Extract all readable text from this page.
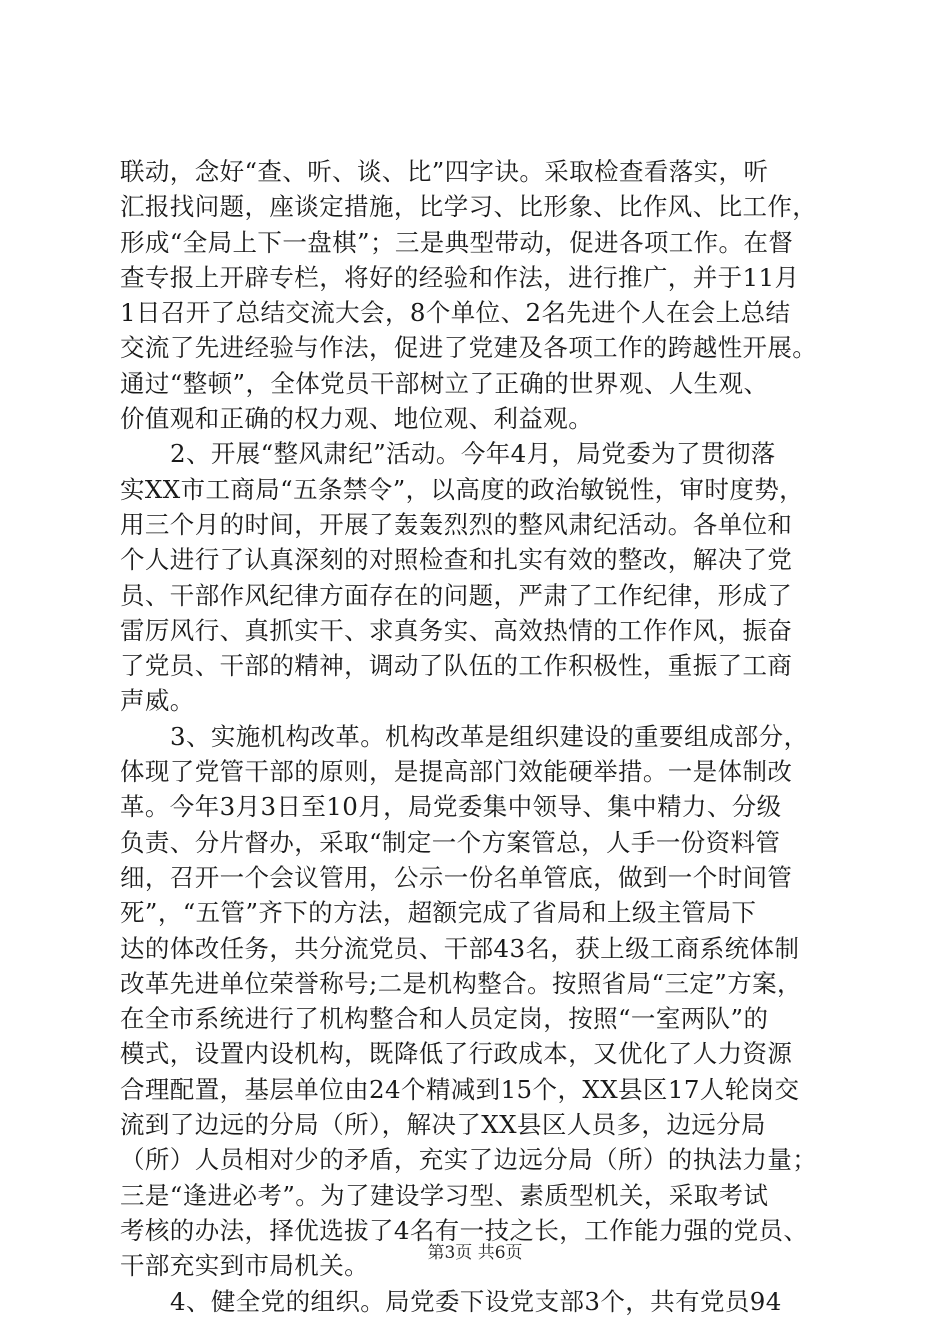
联动，念好“查、听、谈、比”四字诀。采取检查看落实，听
汇报找问题，座谈定措施，比学习、比形象、比作风、比工作，
形成“全局上下一盘棋”；三是典型带动，促进各项工作。在督
查专报上开辟专栏，将好的经验和作法，进行推广，并于11月
1日召开了总结交流大会，8个单位、2名先进个人在会上总结
交流了先进经验与作法，促进了党建及各项工作的跨越性开展。
通过“整顿”，全体党员干部树立了正确的世界观、人生观、
价值观和正确的权力观、地位观、利益观。
2、开展“整风肃纪”活动。今年4月，局党委为了贯彻落
实XX市工商局“五条禁令”，以高度的政治敏锐性，审时度势，
用三个月的时间，开展了轰轰烈烈的整风肃纪活动。各单位和
个人进行了认真深刻的对照检查和扎实有效的整改，解决了党
员、干部作风纪律方面存在的问题，严肃了工作纪律，形成了
雷厉风行、真抓实干、求真务实、高效热情的工作作风，振奋
了党员、干部的精神，调动了队伍的工作积极性，重振了工商
声威。
3、实施机构改革。机构改革是组织建设的重要组成部分，
体现了党管干部的原则，是提高部门效能硬举措。一是体制改
革。今年3月3日至10月，局党委集中领导、集中精力、分级
负责、分片督办，采取“制定一个方案管总，人手一份资料管
细，召开一个会议管用，公示一份名单管底，做到一个时间管
死”，“五管”齐下的方法，超额完成了省局和上级主管局下
达的体改任务，共分流党员、干部43名，获上级工商系统体制
改革先进单位荣誉称号;二是机构整合。按照省局“三定”方案，
在全市系统进行了机构整合和人员定岗，按照“一室两队”的
模式，设置内设机构，既降低了行政成本，又优化了人力资源
合理配置，基层单位由24个精减到15个，XX县区17人轮岗交
流到了边远的分局（所），解决了XX县区人员多，边远分局
（所）人员相对少的矛盾，充实了边远分局（所）的执法力量；
三是“逢进必考”。为了建设学习型、素质型机关，采取考试
考核的办法，择优选拔了4名有一技之长，工作能力强的党员、
干部充实到市局机关。
4、健全党的组织。局党委下设党支部3个，共有党员94
第3页 共6页
